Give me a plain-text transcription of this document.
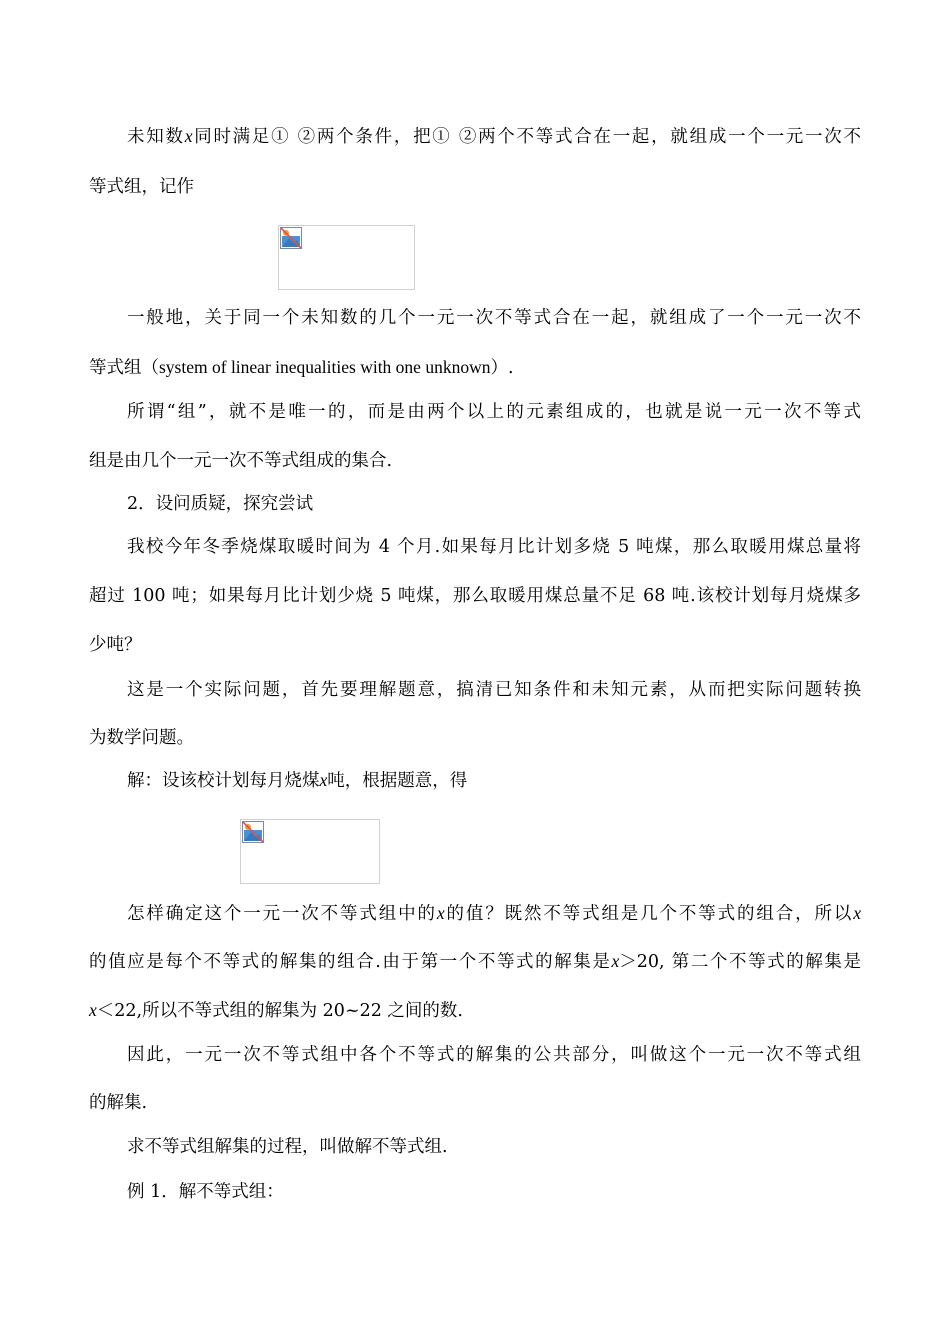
未知数x同时满足① ②两个条件，把① ②两个不等式合在一起，就组成一个一元一次不
等式组，记作
一般地，关于同一个未知数的几个一元一次不等式合在一起，就组成了一个一元一次不
等式组（system of linear inequalities with one unknown）.
所谓“组”，就不是唯一的，而是由两个以上的元素组成的，也就是说一元一次不等式
组是由几个一元一次不等式组成的集合.
2．设问质疑，探究尝试
我校今年冬季烧煤取暖时间为 4 个月.如果每月比计划多烧 5 吨煤，那么取暖用煤总量将
超过 100 吨；如果每月比计划少烧 5 吨煤，那么取暖用煤总量不足 68 吨.该校计划每月烧煤多
少吨？
这是一个实际问题，首先要理解题意，搞清已知条件和未知元素，从而把实际问题转换
为数学问题。
解：设该校计划每月烧煤x吨，根据题意，得
怎样确定这个一元一次不等式组中的x的值？既然不等式组是几个不等式的组合，所以x
的值应是每个不等式的解集的组合.由于第一个不等式的解集是x＞20, 第二个不等式的解集是
x＜22,所以不等式组的解集为 20~22 之间的数.
因此，一元一次不等式组中各个不等式的解集的公共部分，叫做这个一元一次不等式组
的解集.
求不等式组解集的过程，叫做解不等式组.
例 1．解不等式组：
